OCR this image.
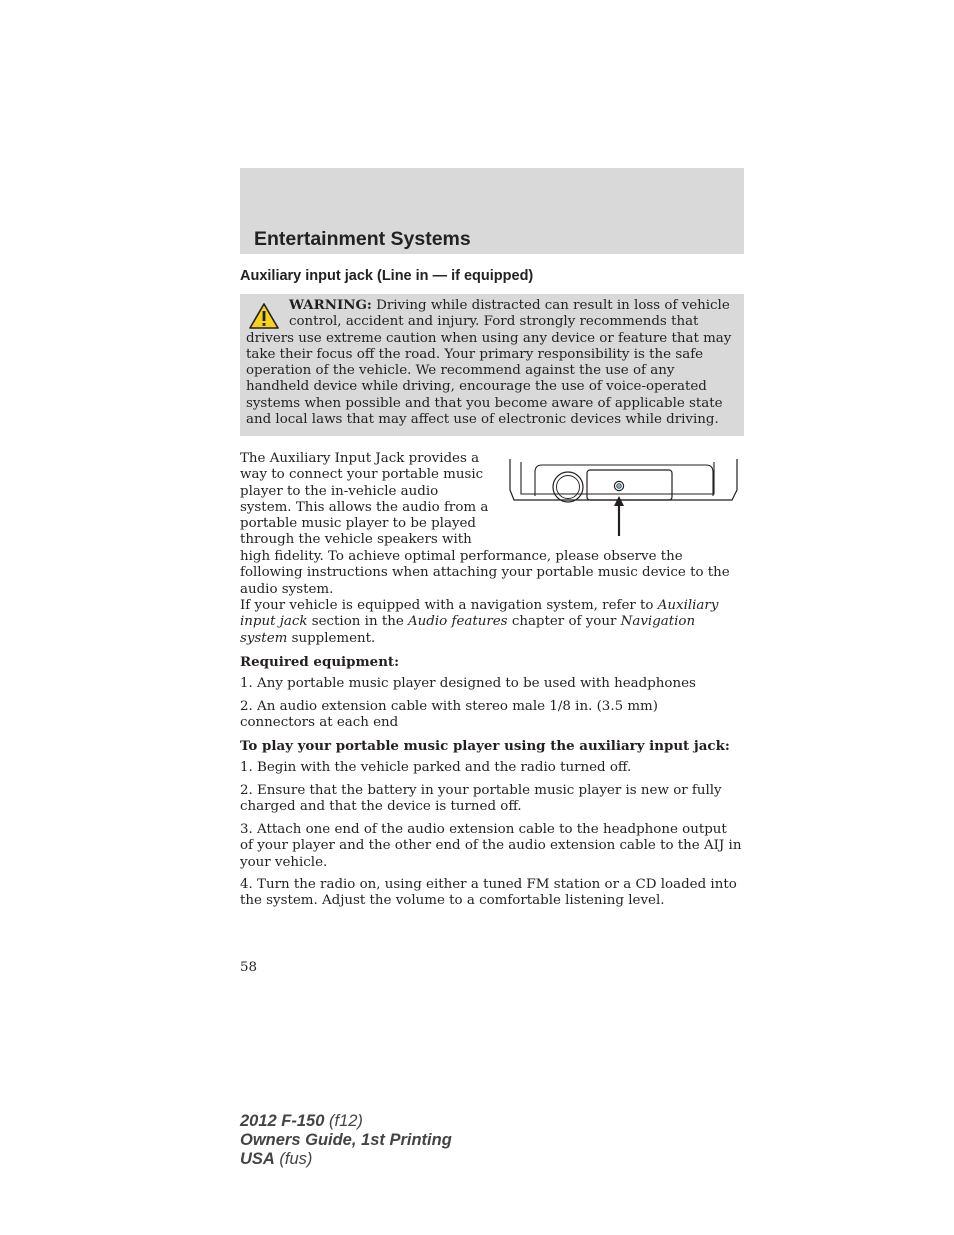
Entertainment Systems
Auxiliary input jack (Line in — if equipped)
WARNING: Driving while distracted can result in loss of vehicle
control, accident and injury. Ford strongly recommends that
drivers use extreme caution when using any device or feature that may take their focus off the road. Your primary responsibility is the safe operation of the vehicle. We recommend against the use of any handheld device while driving, encourage the use of voice-operated systems when possible and that you become aware of applicable state and local laws that may affect use of electronic devices while driving.
The Auxiliary Input Jack provides a
way to connect your portable music
player to the in-vehicle audio
system. This allows the audio from a
portable music player to be played
through the vehicle speakers with

high fidelity. To achieve optimal performance, please observe the following instructions when attaching your portable music device to the audio system.

If your vehicle is equipped with a navigation system, refer to Auxiliary input jack section in the Audio features chapter of your Navigation system supplement.

Required equipment:

1. Any portable music player designed to be used with headphones

2. An audio extension cable with stereo male 1/8 in. (3.5 mm) connectors at each end

To play your portable music player using the auxiliary input jack:

1. Begin with the vehicle parked and the radio turned off.

2. Ensure that the battery in your portable music player is new or fully charged and that the device is turned off.

3. Attach one end of the audio extension cable to the headphone output of your player and the other end of the audio extension cable to the AIJ in your vehicle.

4. Turn the radio on, using either a tuned FM station or a CD loaded into the system. Adjust the volume to a comfortable listening level.

58

2012 F-150 (f12)
Owners Guide, 1st Printing
USA (fus)
